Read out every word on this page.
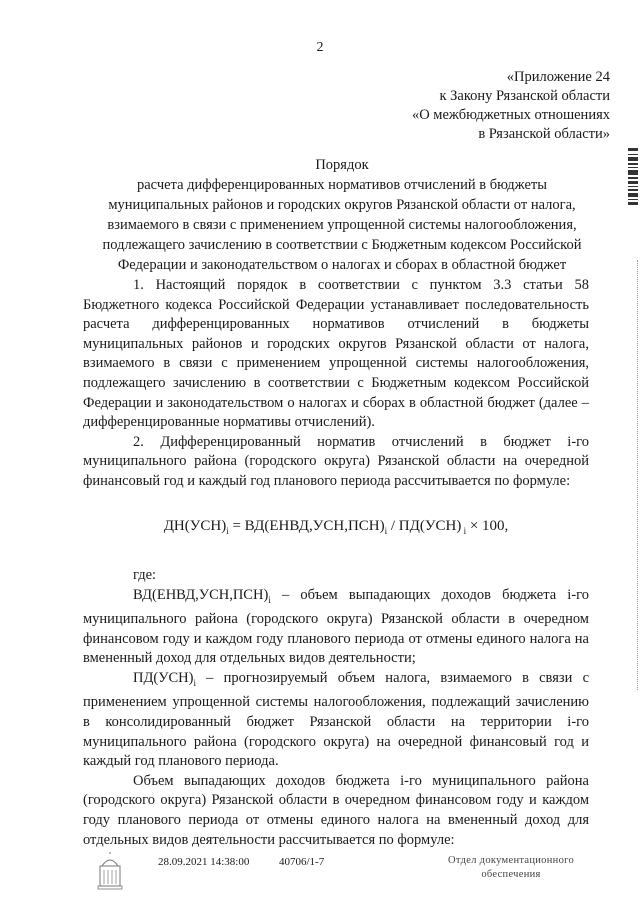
2
«Приложение 24
к Закону Рязанской области
«О межбюджетных отношениях
в Рязанской области»
Порядок
расчета дифференцированных нормативов отчислений в бюджеты
муниципальных районов и городских округов Рязанской области от налога,
взимаемого в связи с применением упрощенной системы налогообложения,
подлежащего зачислению в соответствии с Бюджетным кодексом Российской
Федерации и законодательством о налогах и сборах в областной бюджет

1. Настоящий порядок в соответствии с пунктом 3.3 статьи 58 Бюджетного кодекса Российской Федерации устанавливает последовательность расчета дифференцированных нормативов отчислений в бюджеты муниципальных районов и городских округов Рязанской области от налога, взимаемого в связи с применением упрощенной системы налогообложения, подлежащего зачислению в соответствии с Бюджетным кодексом Российской Федерации и законодательством о налогах и сборах в областной бюджет (далее – дифференцированные нормативы отчислений).

2. Дифференцированный норматив отчислений в бюджет i-го муниципального района (городского округа) Рязанской области на очередной финансовый год и каждый год планового периода рассчитывается по формуле:

$ДН(УСН)_i$ = $ВД(ЕНВД,УСН,ПСН)_i / ПД(УСН) _i \times 100$,

где:

$ВД(ЕНВД,УСН,ПСН)_i$ – объем выпадающих доходов бюджета i-го муниципального района (городского округа) Рязанской области в очередном финансовом году и каждом году планового периода от отмены единого налога на вмененный доход для отдельных видов деятельности;

$ПД(УСН)_i$ – прогнозируемый объем налога, взимаемого в связи с применением упрощенной системы налогообложения, подлежащий зачислению в консолидированный бюджет Рязанской области на территории i-го муниципального района (городского округа) на очередной финансовый год и каждый год планового периода.

Объем выпадающих доходов бюджета i-го муниципального района (городского округа) Рязанской области в очередном финансовом году и каждом году планового периода от отмены единого налога на вмененный доход для отдельных видов деятельности рассчитывается по формуле:

28.09.2021 14:38:00	40706/1-7	Отдел документационного
обеспечения
